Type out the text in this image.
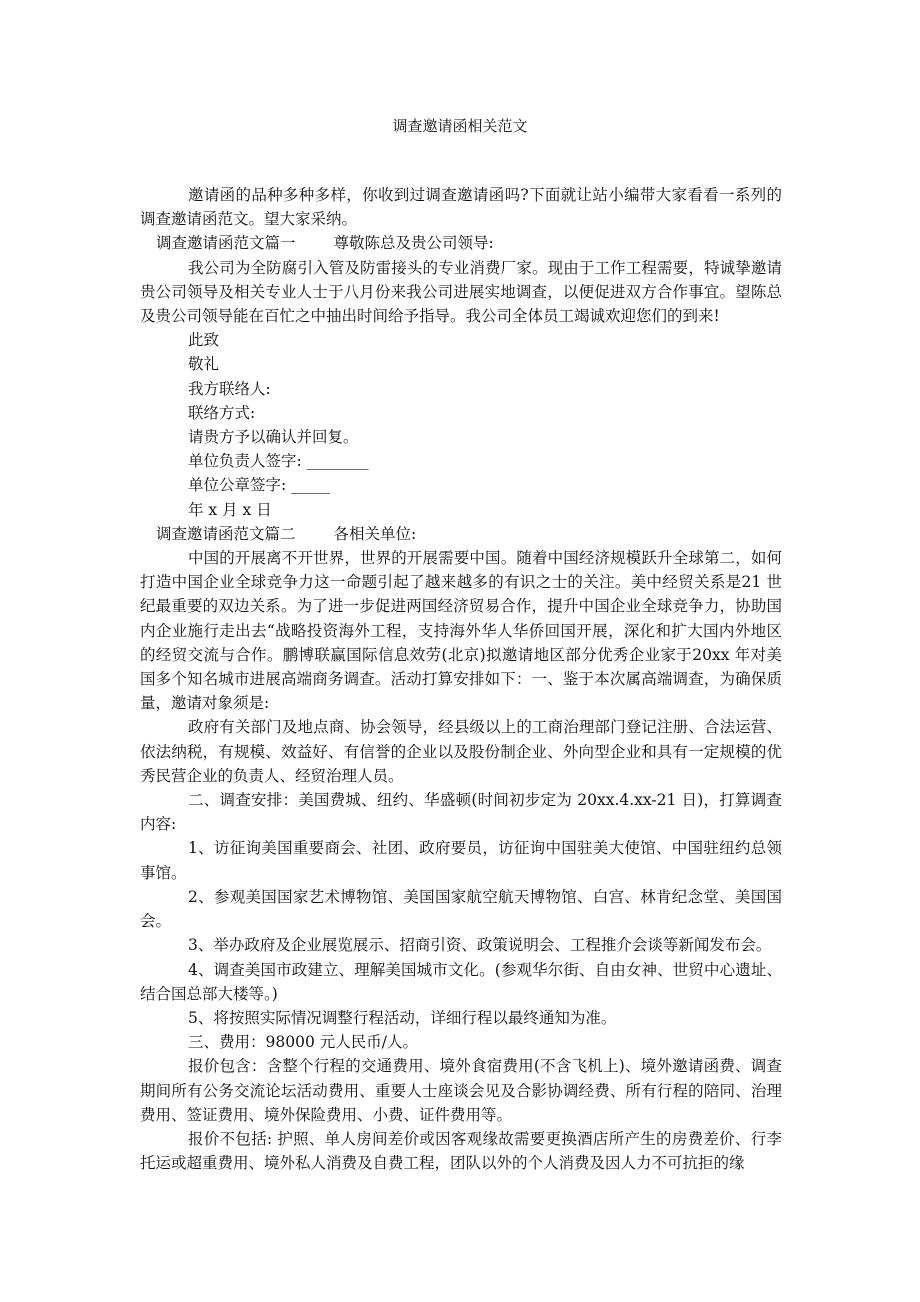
调查邀请函相关范文

邀请函的品种多种多样，你收到过调查邀请函吗?下面就让站小编带大家看看一系列的调查邀请函范文。望大家采纳。

调查邀请函范文篇一 尊敬陈总及贵公司领导:

我公司为全防腐引入管及防雷接头的专业消费厂家。现由于工作工程需要，特诚挚邀请贵公司领导及相关专业人士于八月份来我公司进展实地调查，以便促进双方合作事宜。望陈总及贵公司领导能在百忙之中抽出时间给予指导。我公司全体员工竭诚欢迎您们的到来!

此致

敬礼

我方联络人:

联络方式:

请贵方予以确认并回复。

单位负责人签字: ________

单位公章签字: _____

年 x 月 x 日

调查邀请函范文篇二 各相关单位:

中国的开展离不开世界，世界的开展需要中国。随着中国经济规模跃升全球第二，如何打造中国企业全球竞争力这一命题引起了越来越多的有识之士的关注。美中经贸关系是21 世纪最重要的双边关系。为了进一步促进两国经济贸易合作，提升中国企业全球竞争力，协助国内企业施行走出去“战略投资海外工程，支持海外华人华侨回国开展，深化和扩大国内外地区的经贸交流与合作。鹏博联赢国际信息效劳(北京)拟邀请地区部分优秀企业家于20xx 年对美国多个知名城市进展高端商务调查。活动打算安排如下：一、鉴于本次属高端调查，为确保质量，邀请对象须是:

政府有关部门及地点商、协会领导，经县级以上的工商治理部门登记注册、合法运营、依法纳税，有规模、效益好、有信誉的企业以及股份制企业、外向型企业和具有一定规模的优秀民营企业的负责人、经贸治理人员。

二、调查安排：美国费城、纽约、华盛顿(时间初步定为 20xx.4.xx-21 日)，打算调查内容:

1、访征询美国重要商会、社团、政府要员，访征询中国驻美大使馆、中国驻纽约总领事馆。

2、参观美国国家艺术博物馆、美国国家航空航天博物馆、白宫、林肯纪念堂、美国国会。

3、举办政府及企业展览展示、招商引资、政策说明会、工程推介会谈等新闻发布会。

4、调查美国市政建立、理解美国城市文化。(参观华尔街、自由女神、世贸中心遗址、结合国总部大楼等。)

5、将按照实际情况调整行程活动，详细行程以最终通知为准。

三、费用：98000 元人民币/人。

报价包含：含整个行程的交通费用、境外食宿费用(不含飞机上)、境外邀请函费、调查期间所有公务交流论坛活动费用、重要人士座谈会见及合影协调经费、所有行程的陪同、治理费用、签证费用、境外保险费用、小费、证件费用等。

报价不包括: 护照、单人房间差价或因客观缘故需要更换酒店所产生的房费差价、行李托运或超重费用、境外私人消费及自费工程，团队以外的个人消费及因人力不可抗拒的缘
